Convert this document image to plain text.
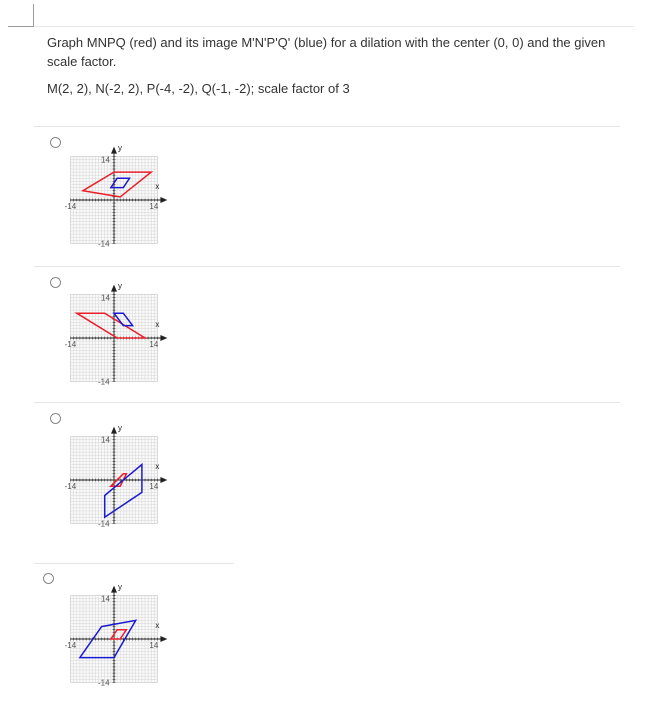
Graph MNPQ (red) and its image M'N'P'Q' (blue) for a dilation with the center (0, 0) and the given scale factor.
M(2, 2), N(-2, 2), P(-4, -2), Q(-1, -2); scale factor of 3
y
x
14
-14
-14	14
y
x
14
-14
-14	14
y
x
14
-14
-14	14
y
x
14
-14
-14	14
